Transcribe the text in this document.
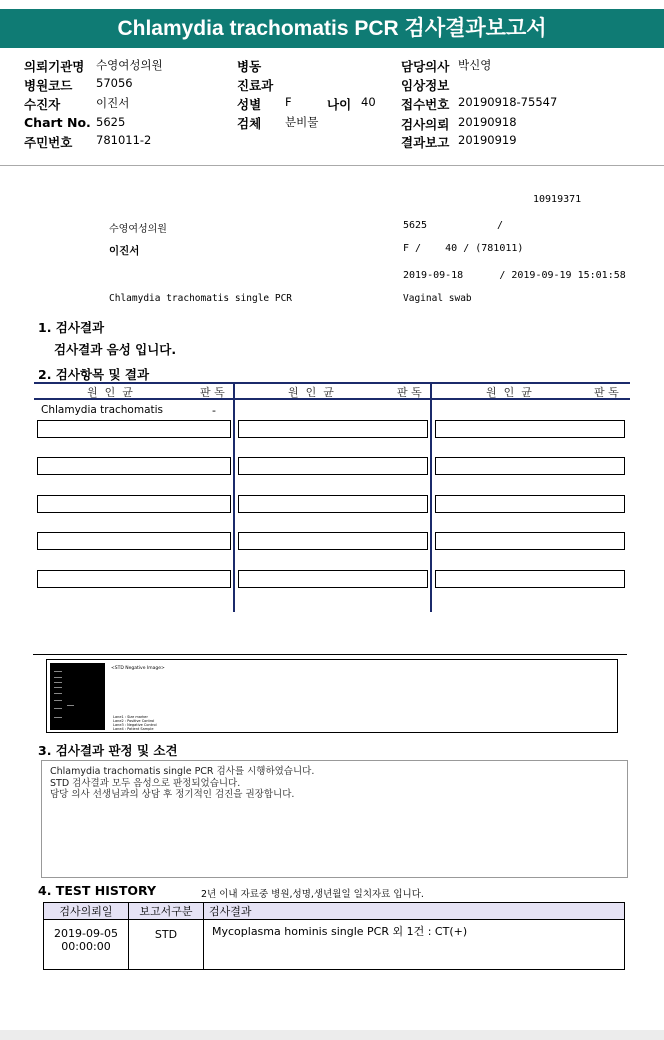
Chlamydia trachomatis PCR 검사결과보고서
의뢰기관명 수영여성의원
병원코드 57056
수진자	이진서
Chart No. 5625
주민번호 781011-2
병동
진료과
성별 F	나이 40
검체 분비물
담당의사 박신영
임상정보
접수번호 20190918-75547
검사의뢰 20190918
결과보고 20190919
10919371
수영여성의원	5625	/
이진서	F /    40 / (781011)
2019-09-18      / 2019-09-19 15:01:58
Chlamydia trachomatis single PCR	Vaginal swab
1. 검사결과
검사결과 음성 입니다.
2. 검사항목 및 결과
원  인  균	판 독	원  인  균	판 독	원  인  균	판 독
Chlamydia trachomatis	-
<STD Negative Image>
Lane1 : Size marker
Lane2 : Positive Control
Lane3 : Negative Control
Lane4 : Patient Sample
3. 검사결과 판정 및 소견
Chlamydia trachomatis single PCR 검사를 시행하였습니다.
STD 검사결과 모두 음성으로 판정되었습니다.
담당 의사 선생님과의 상담 후 정기적인 검진을 권장합니다.
4. TEST HISTORY	2년 이내 자료중 병원,성명,생년월일 일치자료 입니다.
검사의뢰일	보고서구분	검사결과

2019-09-05
00:00:00	STD	Mycoplasma hominis single PCR 외 1건 : CT(+)
